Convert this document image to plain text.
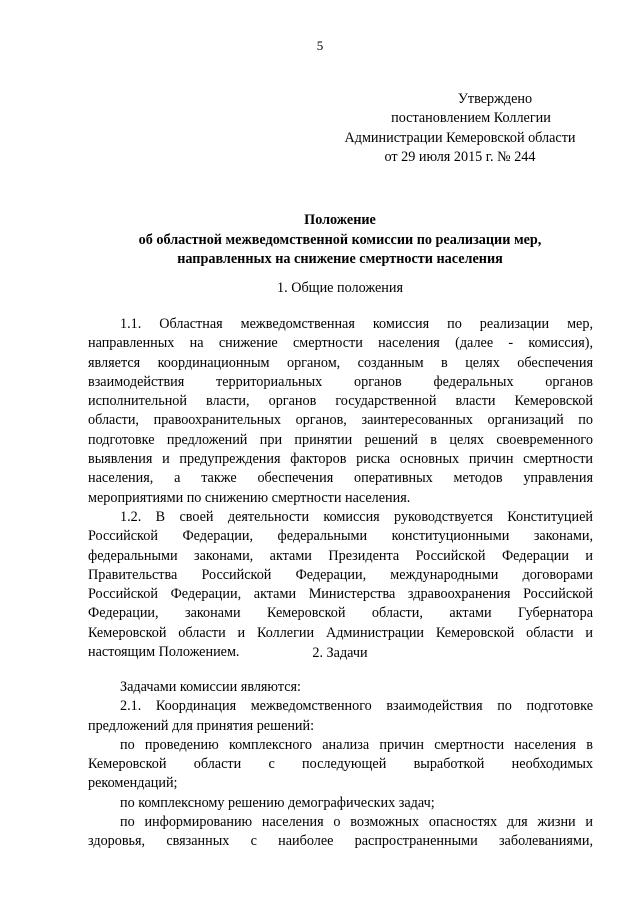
5
Утверждено
постановлением Коллегии
Администрации Кемеровской области
от 29 июля 2015 г. № 244
Положение
об областной межведомственной комиссии по реализации мер,
направленных на снижение смертности населения
1. Общие положения
1.1. Областная межведомственная комиссия по реализации мер,
направленных на снижение смертности населения (далее - комиссия),
является координационным органом, созданным в целях обеспечения
взаимодействия территориальных органов федеральных органов
исполнительной власти, органов государственной власти Кемеровской
области, правоохранительных органов, заинтересованных организаций по
подготовке предложений при принятии решений в целях своевременного
выявления и предупреждения факторов риска основных причин смертности
населения, а также обеспечения оперативных методов управления
мероприятиями по снижению смертности населения.
1.2. В своей деятельности комиссия руководствуется Конституцией
Российской Федерации, федеральными конституционными законами,
федеральными законами, актами Президента Российской Федерации и
Правительства Российской Федерации, международными договорами
Российской Федерации, актами Министерства здравоохранения Российской
Федерации, законами Кемеровской области, актами Губернатора
Кемеровской области и Коллегии Администрации Кемеровской области и
настоящим Положением.	2. Задачи
Задачами комиссии являются:
2.1. Координация межведомственного взаимодействия по подготовке
предложений для принятия решений:
по проведению комплексного анализа причин смертности населения в
Кемеровской области с последующей выработкой необходимых
рекомендаций;
по комплексному решению демографических задач;
по информированию населения о возможных опасностях для жизни и
здоровья, связанных с наиболее распространенными заболеваниями,
